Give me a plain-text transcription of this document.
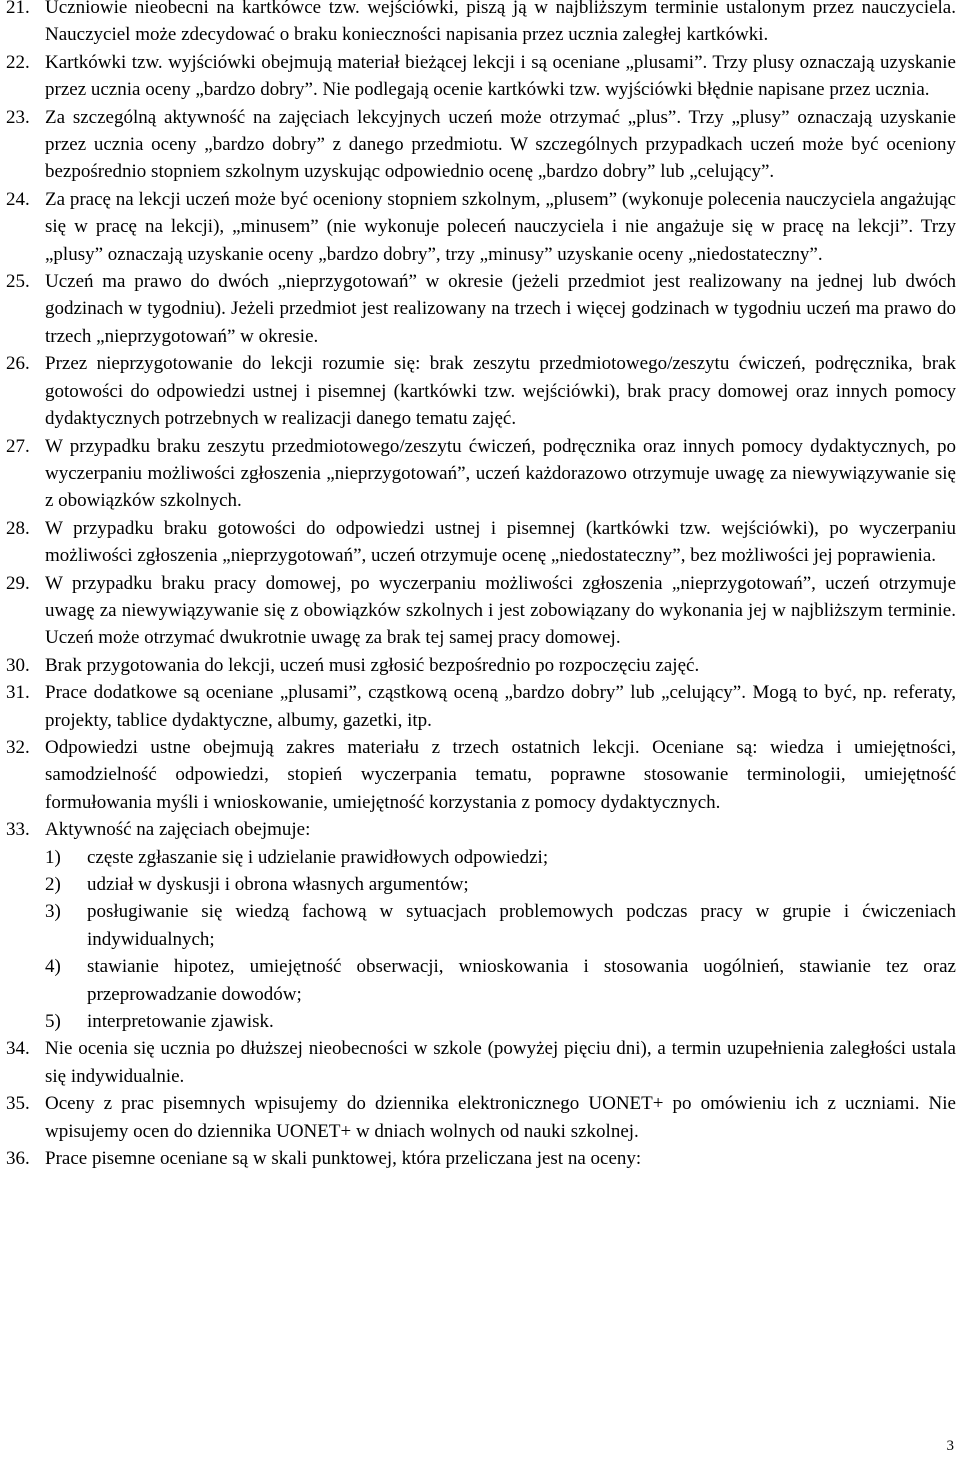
21. Uczniowie nieobecni na kartkówce tzw. wejściówki, piszą ją w najbliższym terminie ustalonym przez nauczyciela. Nauczyciel może zdecydować o braku konieczności napisania przez ucznia zaległej kartkówki.
22. Kartkówki tzw. wyjściówki obejmują materiał bieżącej lekcji i są oceniane „plusami”. Trzy plusy oznaczają uzyskanie przez ucznia oceny „bardzo dobry”. Nie podlegają ocenie kartkówki tzw. wyjściówki błędnie napisane przez ucznia.
23. Za szczególną aktywność na zajęciach lekcyjnych uczeń może otrzymać „plus”. Trzy „plusy” oznaczają uzyskanie przez ucznia oceny „bardzo dobry” z danego przedmiotu. W szczególnych przypadkach uczeń może być oceniony bezpośrednio stopniem szkolnym uzyskując odpowiednio ocenę „bardzo dobry” lub „celujący”.
24. Za pracę na lekcji uczeń może być oceniony stopniem szkolnym, „plusem” (wykonuje polecenia nauczyciela angażując się w pracę na lekcji), „minusem” (nie wykonuje poleceń nauczyciela i nie angażuje się w pracę na lekcji”. Trzy „plusy” oznaczają uzyskanie oceny „bardzo dobry”, trzy „minusy” uzyskanie oceny „niedostateczny”.
25. Uczeń ma prawo do dwóch „nieprzygotowań” w okresie (jeżeli przedmiot jest realizowany na jednej lub dwóch godzinach w tygodniu). Jeżeli przedmiot jest realizowany na trzech i więcej godzinach w tygodniu uczeń ma prawo do trzech „nieprzygotowań” w okresie.
26. Przez nieprzygotowanie do lekcji rozumie się: brak zeszytu przedmiotowego/zeszytu ćwiczeń, podręcznika, brak gotowości do odpowiedzi ustnej i pisemnej (kartkówki tzw. wejściówki), brak pracy domowej oraz innych pomocy dydaktycznych potrzebnych w realizacji danego tematu zajęć.
27. W przypadku braku zeszytu przedmiotowego/zeszytu ćwiczeń, podręcznika oraz innych pomocy dydaktycznych, po wyczerpaniu możliwości zgłoszenia „nieprzygotowań”, uczeń każdorazowo otrzymuje uwagę za niewywiązywanie się z obowiązków szkolnych.
28. W przypadku braku gotowości do odpowiedzi ustnej i pisemnej (kartkówki tzw. wejściówki), po wyczerpaniu możliwości zgłoszenia „nieprzygotowań”, uczeń otrzymuje ocenę „niedostateczny”, bez możliwości jej poprawienia.
29. W przypadku braku pracy domowej, po wyczerpaniu możliwości zgłoszenia „nieprzygotowań”, uczeń otrzymuje uwagę za niewywiązywanie się z obowiązków szkolnych i jest zobowiązany do wykonania jej w najbliższym terminie. Uczeń może otrzymać dwukrotnie uwagę za brak tej samej pracy domowej.
30. Brak przygotowania do lekcji, uczeń musi zgłosić bezpośrednio po rozpoczęciu zajęć.
31. Prace dodatkowe są oceniane „plusami”, cząstkową oceną „bardzo dobry” lub „celujący”. Mogą to być, np. referaty, projekty, tablice dydaktyczne, albumy, gazetki, itp.
32. Odpowiedzi ustne obejmują zakres materiału z trzech ostatnich lekcji. Oceniane są: wiedza i umiejętności, samodzielność odpowiedzi, stopień wyczerpania tematu, poprawne stosowanie terminologii, umiejętność formułowania myśli i wnioskowanie, umiejętność korzystania z pomocy dydaktycznych.
33. Aktywność na zajęciach obejmuje:
1)	częste zgłaszanie się i udzielanie prawidłowych odpowiedzi;
2)	udział w dyskusji i obrona własnych argumentów;
3)	posługiwanie się wiedzą fachową w sytuacjach problemowych podczas pracy w grupie i ćwiczeniach indywidualnych;
4)	stawianie hipotez, umiejętność obserwacji, wnioskowania i stosowania uogólnień, stawianie tez oraz przeprowadzanie dowodów;
5)	interpretowanie zjawisk.
34. Nie ocenia się ucznia po dłuższej nieobecności w szkole (powyżej pięciu dni), a termin uzupełnienia zaległości ustala się indywidualnie.
35. Oceny z prac pisemnych wpisujemy do dziennika elektronicznego UONET+ po omówieniu ich z uczniami. Nie wpisujemy ocen do dziennika UONET+ w dniach wolnych od nauki szkolnej.
36. Prace pisemne oceniane są w skali punktowej, która przeliczana jest na oceny:
3
